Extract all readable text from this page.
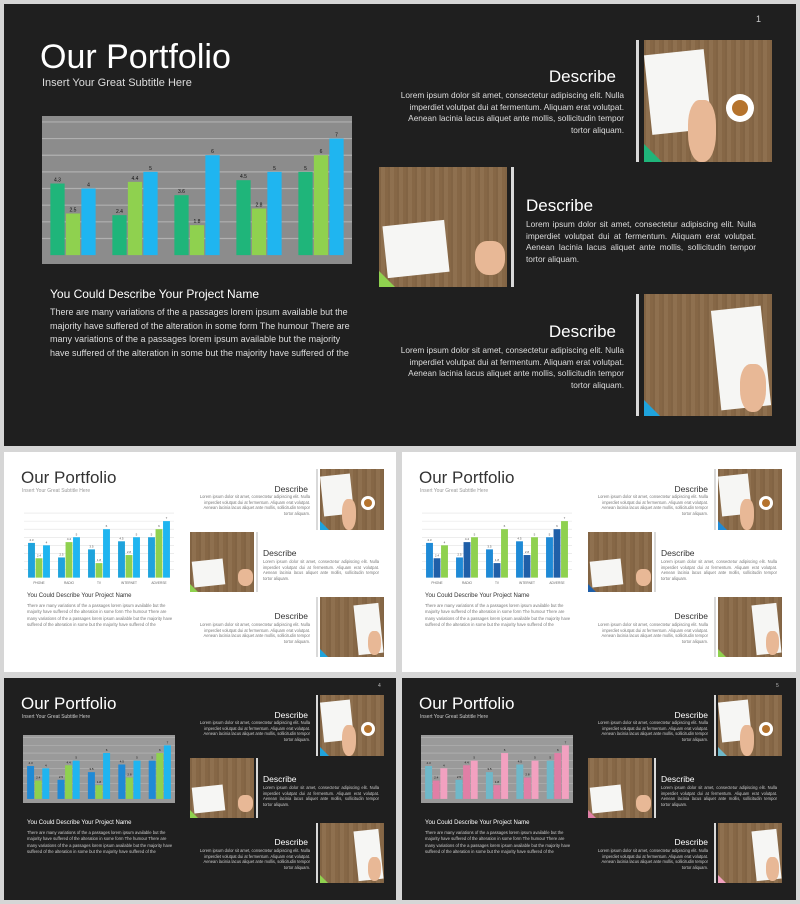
Our Portfolio
Insert Your Great Subtitle Here
1
4.3
2.5
4
2.4
4.4
5
3.6
1.8
6
4.5
2.8
5	5
6
7
You Could Describe Your Project Name
There are many variations of the a passages lorem ipsum available but the majority have suffered of the alteration in some form The humour There are many variations of the a passages lorem ipsum available but the majority have suffered of the alteration in some but the majority have suffered of the
Describe
Lorem ipsum dolor sit amet, consectetur adipiscing elit. Nulla imperdiet volutpat dui at fermentum. Aliquam erat volutpat. Aenean lacinia lacus aliquet ante mollis, sollicitudin tempor tortor aliquam.
Describe
Lorem ipsum dolor sit amet, consectetur adipiscing elit. Nulla imperdiet volutpat dui at fermentum. Aliquam erat volutpat. Aenean lacinia lacus aliquet ante mollis, sollicitudin tempor tortor aliquam.
Describe
Lorem ipsum dolor sit amet, consectetur adipiscing elit. Nulla imperdiet volutpat dui at fermentum. Aliquam erat volutpat. Aenean lacinia lacus aliquet ante mollis, sollicitudin tempor tortor aliquam.
Our Portfolio
Insert Your Great Subtitle Here
4.3
2.4
4
PHONE
2.5
4.4
5
RADIO
3.5
1.8
6
TV
4.5
2.8
5
INTERNET
5
6
7
ADVERSE
You Could Describe Your Project Name
There are many variations of the a passages lorem ipsum available but the majority have suffered of the alteration in some form The humour There are many variations of the a passages lorem ipsum available but the majority have suffered of the alteration in some but the majority have suffered of the
Describe
Lorem ipsum dolor sit amet, consectetur adipiscing elit. Nulla imperdiet volutpat dui at fermentum. Aliquam erat volutpat. Aenean lacinia lacus aliquet ante mollis, sollicitudin tempor tortor aliquam.
Describe
Lorem ipsum dolor sit amet, consectetur adipiscing elit. Nulla imperdiet volutpat dui at fermentum. Aliquam erat volutpat. Aenean lacinia lacus aliquet ante mollis, sollicitudin tempor tortor aliquam.
Describe
Lorem ipsum dolor sit amet, consectetur adipiscing elit. Nulla imperdiet volutpat dui at fermentum. Aliquam erat volutpat. Aenean lacinia lacus aliquet ante mollis, sollicitudin tempor tortor aliquam.
Our Portfolio
Insert Your Great Subtitle Here
4.3
2.4
4
PHONE
2.5
4.4
5
RADIO
3.5
1.8
6
TV
4.5
2.8
5
INTERNET
5
6
7
ADVERSE
You Could Describe Your Project Name
There are many variations of the a passages lorem ipsum available but the majority have suffered of the alteration in some form The humour There are many variations of the a passages lorem ipsum available but the majority have suffered of the alteration in some but the majority have suffered of the
Describe
Lorem ipsum dolor sit amet, consectetur adipiscing elit. Nulla imperdiet volutpat dui at fermentum. Aliquam erat volutpat. Aenean lacinia lacus aliquet ante mollis, sollicitudin tempor tortor aliquam.
Describe
Lorem ipsum dolor sit amet, consectetur adipiscing elit. Nulla imperdiet volutpat dui at fermentum. Aliquam erat volutpat. Aenean lacinia lacus aliquet ante mollis, sollicitudin tempor tortor aliquam.
Describe
Lorem ipsum dolor sit amet, consectetur adipiscing elit. Nulla imperdiet volutpat dui at fermentum. Aliquam erat volutpat. Aenean lacinia lacus aliquet ante mollis, sollicitudin tempor tortor aliquam.
Our Portfolio
Insert Your Great Subtitle Here
4
4.3
2.4
4
2.5
4.4
5
3.5
1.8
6
4.5
2.8
5	5
6
7
You Could Describe Your Project Name
There are many variations of the a passages lorem ipsum available but the majority have suffered of the alteration in some form The humour There are many variations of the a passages lorem ipsum available but the majority have suffered of the alteration in some but the majority have suffered of the
Describe
Lorem ipsum dolor sit amet, consectetur adipiscing elit. Nulla imperdiet volutpat dui at fermentum. Aliquam erat volutpat. Aenean lacinia lacus aliquet ante mollis, sollicitudin tempor tortor aliquam.
Describe
Lorem ipsum dolor sit amet, consectetur adipiscing elit. Nulla imperdiet volutpat dui at fermentum. Aliquam erat volutpat. Aenean lacinia lacus aliquet ante mollis, sollicitudin tempor tortor aliquam.
Describe
Lorem ipsum dolor sit amet, consectetur adipiscing elit. Nulla imperdiet volutpat dui at fermentum. Aliquam erat volutpat. Aenean lacinia lacus aliquet ante mollis, sollicitudin tempor tortor aliquam.
Our Portfolio
Insert Your Great Subtitle Here
5
4.3
2.4
4
2.5
4.4
5
3.5
1.8
6
4.5
2.8
5	5
6
7
You Could Describe Your Project Name
There are many variations of the a passages lorem ipsum available but the majority have suffered of the alteration in some form The humour There are many variations of the a passages lorem ipsum available but the majority have suffered of the alteration in some but the majority have suffered of the
Describe
Lorem ipsum dolor sit amet, consectetur adipiscing elit. Nulla imperdiet volutpat dui at fermentum. Aliquam erat volutpat. Aenean lacinia lacus aliquet ante mollis, sollicitudin tempor tortor aliquam.
Describe
Lorem ipsum dolor sit amet, consectetur adipiscing elit. Nulla imperdiet volutpat dui at fermentum. Aliquam erat volutpat. Aenean lacinia lacus aliquet ante mollis, sollicitudin tempor tortor aliquam.
Describe
Lorem ipsum dolor sit amet, consectetur adipiscing elit. Nulla imperdiet volutpat dui at fermentum. Aliquam erat volutpat. Aenean lacinia lacus aliquet ante mollis, sollicitudin tempor tortor aliquam.
